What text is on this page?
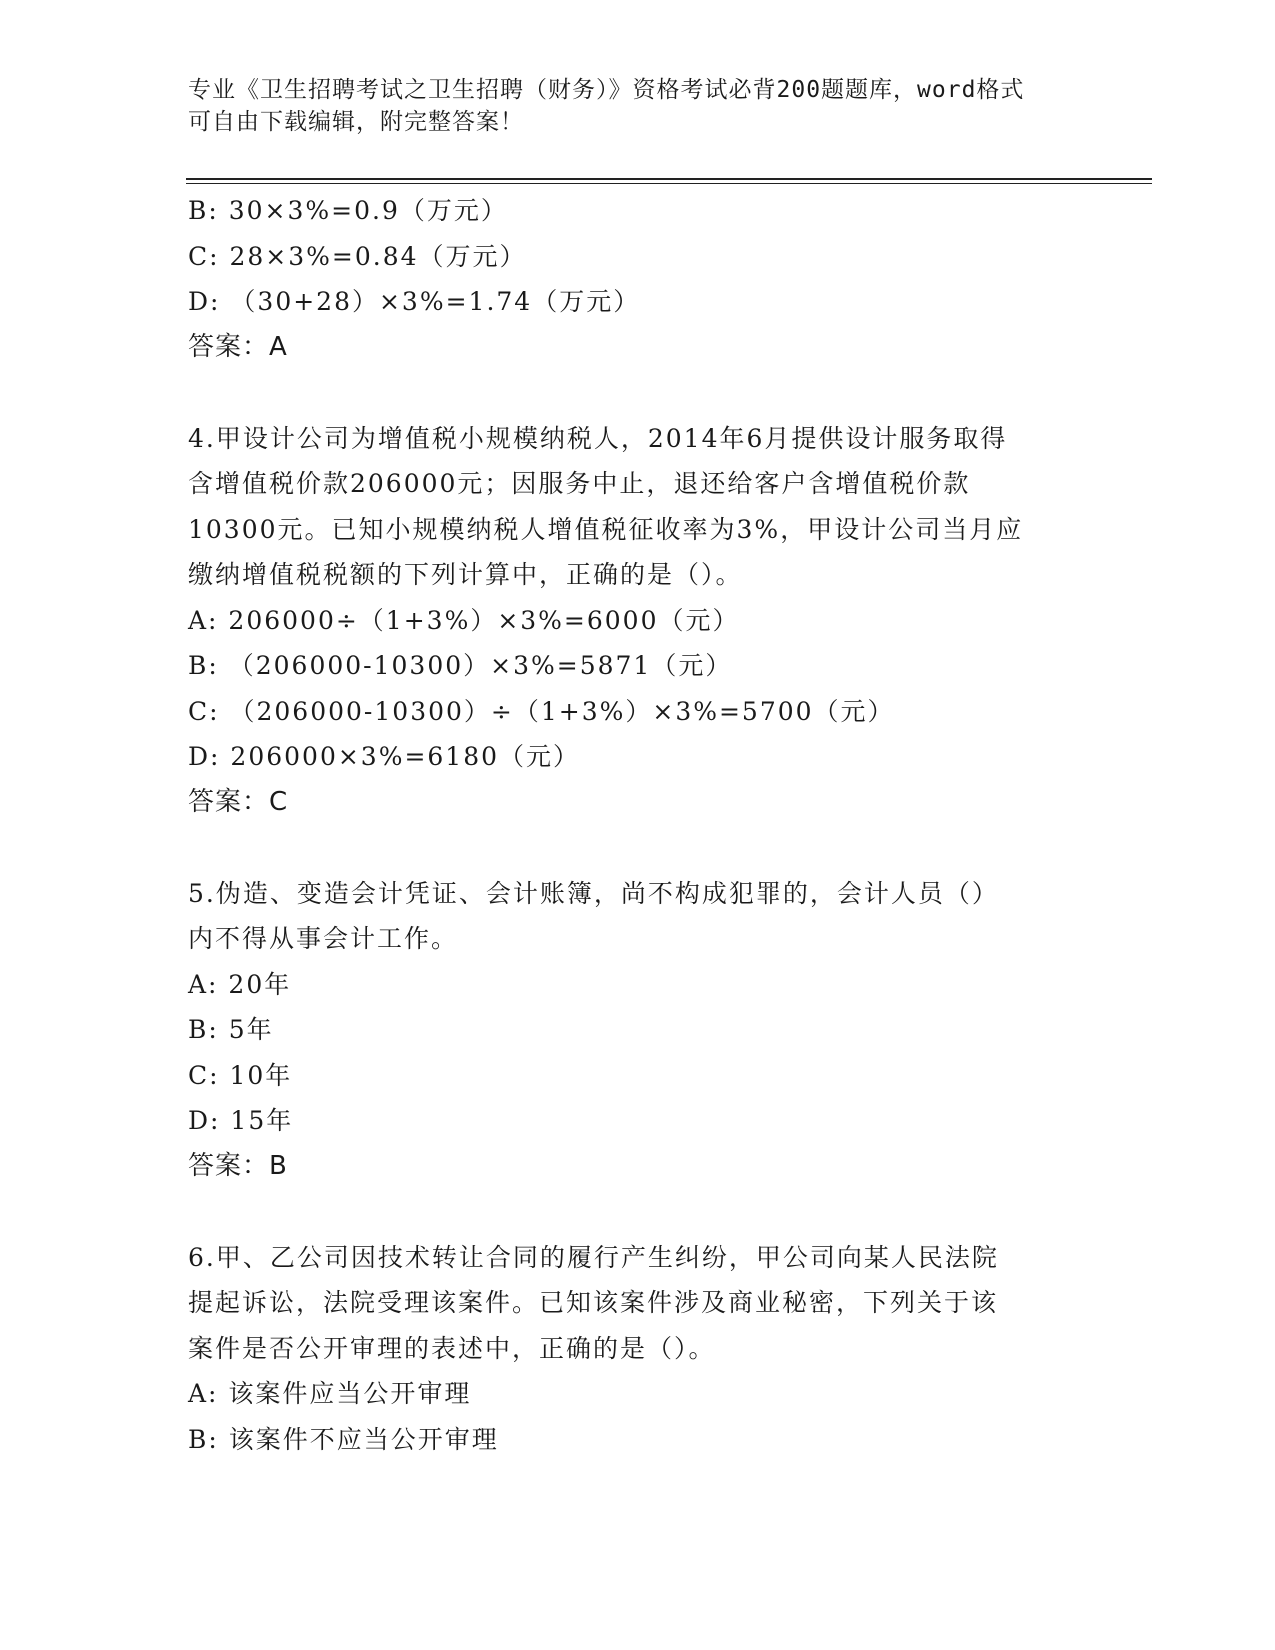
专业《卫生招聘考试之卫生招聘（财务）》资格考试必背200题题库，word格式
可自由下载编辑，附完整答案！
B: 30×3%=0.9（万元）
C: 28×3%=0.84（万元）
D: （30+28）×3%=1.74（万元）
答案：A
4.甲设计公司为增值税小规模纳税人，2014年6月提供设计服务取得
含增值税价款206000元；因服务中止，退还给客户含增值税价款
10300元。已知小规模纳税人增值税征收率为3%，甲设计公司当月应
缴纳增值税税额的下列计算中，正确的是（）。
A: 206000÷（1+3%）×3%=6000（元）
B: （206000-10300）×3%=5871（元）
C: （206000-10300）÷（1+3%）×3%=5700（元）
D: 206000×3%=6180（元）
答案：C
5.伪造、变造会计凭证、会计账簿，尚不构成犯罪的，会计人员（）
内不得从事会计工作。
A: 20年
B: 5年
C: 10年
D: 15年
答案：B
6.甲、乙公司因技术转让合同的履行产生纠纷，甲公司向某人民法院
提起诉讼，法院受理该案件。已知该案件涉及商业秘密，下列关于该
案件是否公开审理的表述中，正确的是（）。
A: 该案件应当公开审理
B: 该案件不应当公开审理
